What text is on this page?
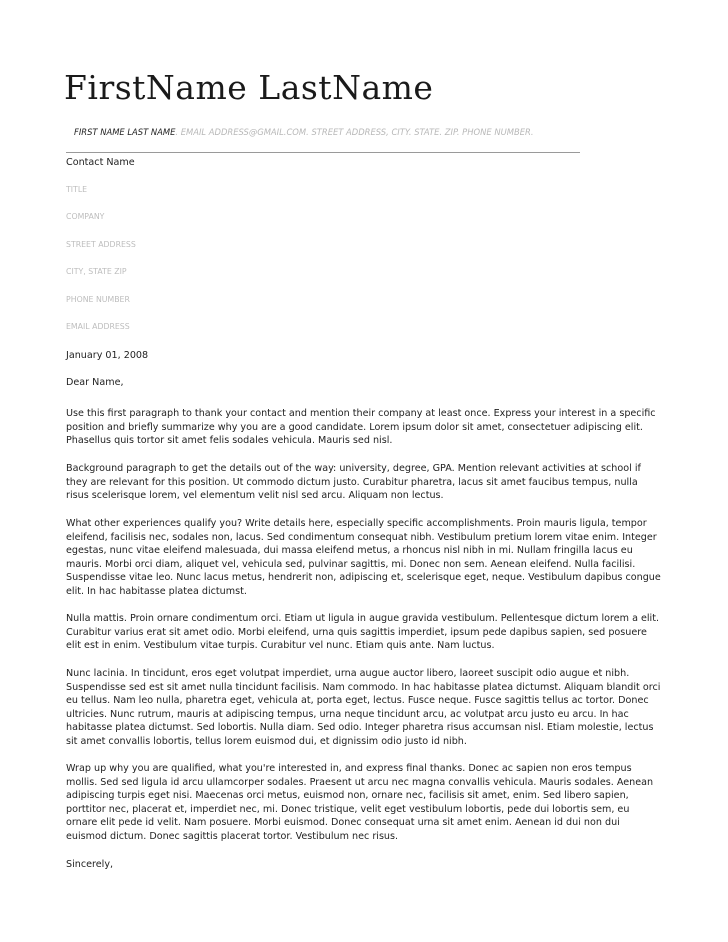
FirstName LastName
FIRST NAME LAST NAME. EMAIL ADDRESS@GMAIL.COM. STREET ADDRESS, CITY. STATE. ZIP. PHONE NUMBER.
Contact Name
TITLE
COMPANY
STREET ADDRESS
CITY, STATE ZIP
PHONE NUMBER
EMAIL ADDRESS
January 01, 2008
Dear Name,

Use this first paragraph to thank your contact and mention their company at least once. Express your interest in a specific position and briefly summarize why you are a good candidate. Lorem ipsum dolor sit amet, consectetuer adipiscing elit. Phasellus quis tortor sit amet felis sodales vehicula. Mauris sed nisl.

Background paragraph to get the details out of the way: university, degree, GPA. Mention relevant activities at school if they are relevant for this position. Ut commodo dictum justo. Curabitur pharetra, lacus sit amet faucibus tempus, nulla risus scelerisque lorem, vel elementum velit nisl sed arcu. Aliquam non lectus.

What other experiences qualify you? Write details here, especially specific accomplishments. Proin mauris ligula, tempor eleifend, facilisis nec, sodales non, lacus. Sed condimentum consequat nibh. Vestibulum pretium lorem vitae enim. Integer egestas, nunc vitae eleifend malesuada, dui massa eleifend metus, a rhoncus nisl nibh in mi. Nullam fringilla lacus eu mauris. Morbi orci diam, aliquet vel, vehicula sed, pulvinar sagittis, mi. Donec non sem. Aenean eleifend. Nulla facilisi. Suspendisse vitae leo. Nunc lacus metus, hendrerit non, adipiscing et, scelerisque eget, neque. Vestibulum dapibus congue elit. In hac habitasse platea dictumst.

Nulla mattis. Proin ornare condimentum orci. Etiam ut ligula in augue gravida vestibulum. Pellentesque dictum lorem a elit. Curabitur varius erat sit amet odio. Morbi eleifend, urna quis sagittis imperdiet, ipsum pede dapibus sapien, sed posuere elit est in enim. Vestibulum vitae turpis. Curabitur vel nunc. Etiam quis ante. Nam luctus.

Nunc lacinia. In tincidunt, eros eget volutpat imperdiet, urna augue auctor libero, laoreet suscipit odio augue et nibh. Suspendisse sed est sit amet nulla tincidunt facilisis. Nam commodo. In hac habitasse platea dictumst. Aliquam blandit orci eu tellus. Nam leo nulla, pharetra eget, vehicula at, porta eget, lectus. Fusce neque. Fusce sagittis tellus ac tortor. Donec ultricies. Nunc rutrum, mauris at adipiscing tempus, urna neque tincidunt arcu, ac volutpat arcu justo eu arcu. In hac habitasse platea dictumst. Sed lobortis. Nulla diam. Sed odio. Integer pharetra risus accumsan nisl. Etiam molestie, lectus sit amet convallis lobortis, tellus lorem euismod dui, et dignissim odio justo id nibh.

Wrap up why you are qualified, what you're interested in, and express final thanks. Donec ac sapien non eros tempus mollis. Sed sed ligula id arcu ullamcorper sodales. Praesent ut arcu nec magna convallis vehicula. Mauris sodales. Aenean adipiscing turpis eget nisi. Maecenas orci metus, euismod non, ornare nec, facilisis sit amet, enim. Sed libero sapien, porttitor nec, placerat et, imperdiet nec, mi. Donec tristique, velit eget vestibulum lobortis, pede dui lobortis sem, eu ornare elit pede id velit. Nam posuere. Morbi euismod. Donec consequat urna sit amet enim. Aenean id dui non dui euismod dictum. Donec sagittis placerat tortor. Vestibulum nec risus.

Sincerely,
